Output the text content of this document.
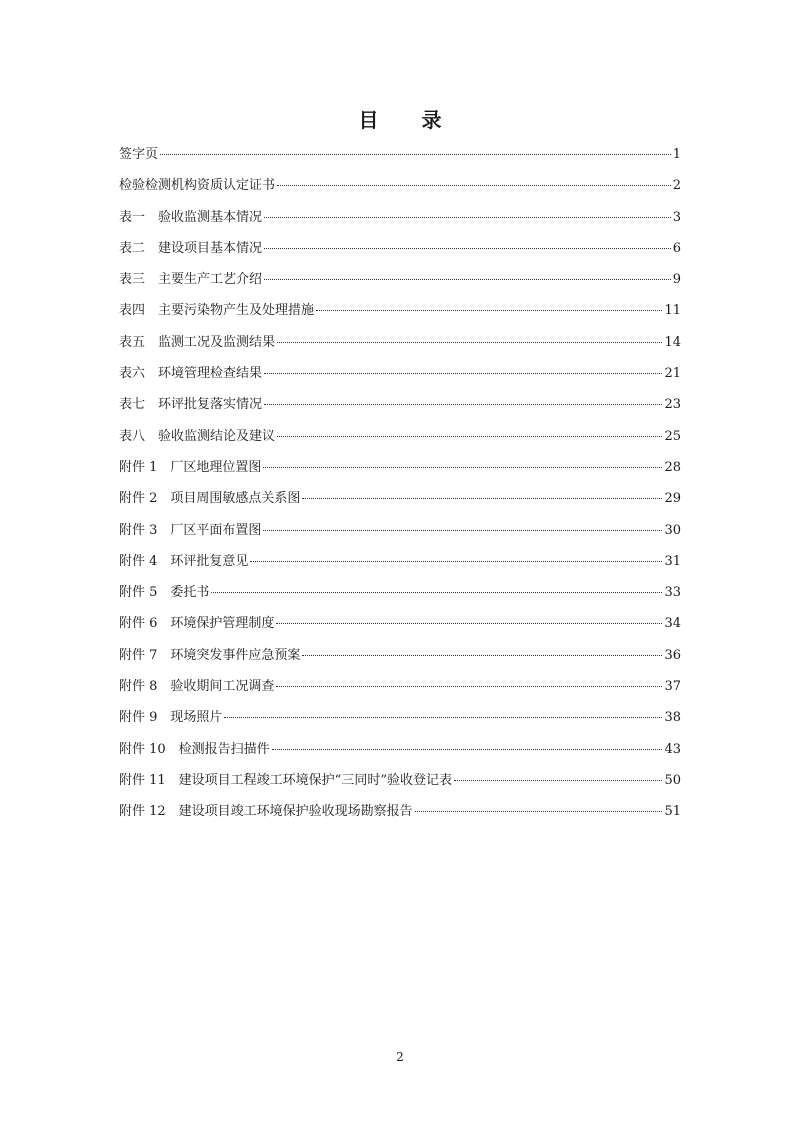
目 录
签字页	1
检验检测机构资质认定证书	2
表一　验收监测基本情况	3
表二　建设项目基本情况	6
表三　主要生产工艺介绍	9
表四　主要污染物产生及处理措施	11
表五　监测工况及监测结果	14
表六　环境管理检查结果	21
表七　环评批复落实情况	23
表八　验收监测结论及建议	25
附件 1　厂区地理位置图	28
附件 2　项目周围敏感点关系图	29
附件 3　厂区平面布置图	30
附件 4　环评批复意见	31
附件 5　委托书	33
附件 6　环境保护管理制度	34
附件 7　环境突发事件应急预案	36
附件 8　验收期间工况调查	37
附件 9　现场照片	38
附件 10　检测报告扫描件	43
附件 11　建设项目工程竣工环境保护“三同时”验收登记表	50
附件 12　建设项目竣工环境保护验收现场勘察报告	51
2
